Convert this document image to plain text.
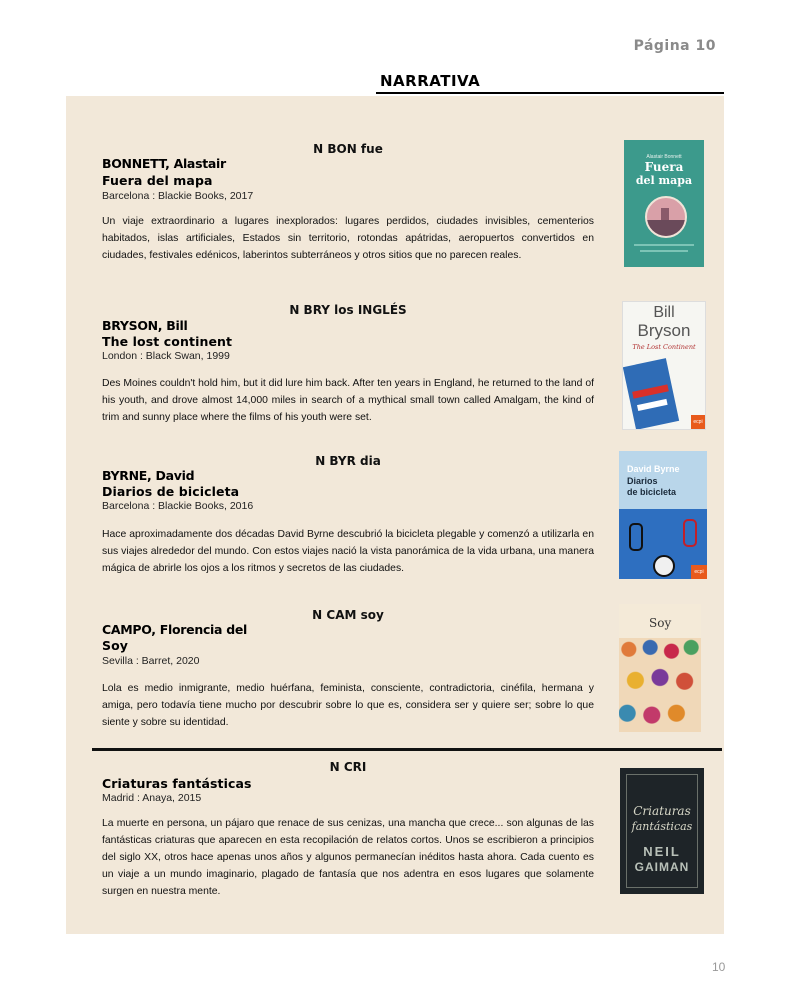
Página 10
NARRATIVA
N BON fue
BONNETT, Alastair
Fuera del mapa
Barcelona : Blackie Books, 2017
Un viaje extraordinario a lugares inexplorados: lugares perdidos, ciudades invisibles, cementerios habitados, islas artificiales, Estados sin territorio, rotondas apátridas, aeropuertos convertidos en ciudades, festivales edénicos, laberintos subterráneos y otros sitios que no parecen reales.
Alastair Bonnett
Fuera
del mapa
N BRY los INGLÉS
BRYSON, Bill
The lost continent
London : Black Swan, 1999
Des Moines couldn't hold him, but it did lure him back. After ten years in England, he returned to the land of his youth, and drove almost 14,000 miles in search of a mythical small town called Amalgam, the kind of trim and sunny place where the films of his youth were set.
Bill
Bryson
The Lost Continent
ecpi
N BYR dia
BYRNE, David
Diarios de bicicleta
Barcelona : Blackie Books, 2016
Hace aproximadamente dos décadas David Byrne descubrió la bicicleta plegable y comenzó a utilizarla en sus viajes alrededor del mundo. Con estos viajes nació la vista panorámica de la vida urbana, una manera mágica de abrirle los ojos a los ritmos y secretos de las ciudades.
David Byrne
Diarios
de bicicleta
ecpi
N CAM soy
CAMPO, Florencia del
Soy
Sevilla : Barret, 2020
Lola es medio inmigrante, medio huérfana, feminista, consciente, contradictoria, cinéfila, hermana y amiga, pero todavía tiene mucho por descubrir sobre lo que es, considera ser y quiere ser; sobre lo que siente y sobre su identidad.
Soy
N CRI
Criaturas fantásticas
Madrid : Anaya, 2015
La muerte en persona, un pájaro que renace de sus cenizas, una mancha que crece... son algunas de las fantásticas criaturas que aparecen en esta recopilación de relatos cortos. Unos se escribieron a principios del siglo XX, otros hace apenas unos años y algunos permanecían inéditos hasta ahora. Cada cuento es un viaje a un mundo imaginario, plagado de fantasía que nos adentra en esos lugares que solamente surgen en nuestra mente.
Criaturas
fantásticas
NEIL
GAIMAN
10
